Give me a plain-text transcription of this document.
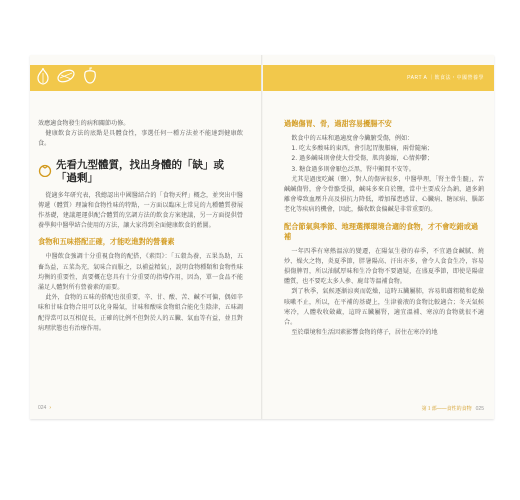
PART A ｜飲食法・中國營養學

效應適食物發生的病和關節功修。

健康飲食方法的底點是具體食性，事選任何一種方法並不能達到健康飲食。

先看九型體質，找出身體的「缺」或「過剩」

從適多年研究表，我總認出中國醫結合的「食物天秤」概念，並突出中醫傳遞（體質）理論和食物性味的特點，一方面以臨床上常見的九種體質發展作基礎，建議運運供配合體質的烹調方法的飲食方案建議，另一方面提供營養學與中醫學結合使用的方法，讓大家得到全面健康飲食的藍圖。

食物和五味搭配正確，才能吃進對的營養素

中醫飲食強調十分重視食物的配搭，《素問》：「五穀為養，五果為助，五畜為益，五菜為充，氣味合而服之，以補益精氣」，說明食物種類和食物性味均衡的重要性，真要概在您具有十分重要的指導作用，因為，單一食品不能滿足人體對所有營養素的需要。

此外，食物的五味的搭配也很重要，辛、甘、酸、苦、鹹不可偏，偶如辛味和甘味食物合用可以化身陽氣，甘味和酸味食物組合能化生陰津，五味調配得當可以互相促長，正確的比例不但對於人的五臟、氣血等有益，並且對病理狀態也有治療作用。

024 ›
過飽傷胃、骨，過甜容易擾腸不安

飲食中的五味和過適度會今臟腑受傷，例如：

1. 吃太多酸味的東西，會引起胃腹脹痛，兩骨隨痛；

2. 過多鹹味則會使大骨受傷，肌肉萎縮，心情抑鬱；

3. 糖食過多則會厭色泛黑，腎中顯間不安等。

尤其是過度吃鹹（鹽），對人的傷害很多，中醫學理，「腎主骨生髓」，苦鹹鹹傷腎，會令骨骼受損，鹹味多來自於鹽，當中主要成分為鈉，過多鈉離會導致血壓升高及損抗力降低，增加罹患感冒、心臟病、糖尿病、腦部老化等疾病的機會，因此，攝收飲食偏鹹是非常重要的。

配合節氣與季節、地理選擇環境合適的食物，才不會吃錯或過補

一年四季有寒熱溫涼的變遷，在陽氣生發的春季，不宜過食鹹膩、燒炒、燥火之物，炎夏季節，胖暑陽高、汗出亦多，會令人食食生冷，容易損傷脾胃，所以油膩厚味和生冷食物不要過疑，在盛夏季節，即使是陽虛體質，也不要吃太多人參、鹿茸等溫補食物。

到了秋季，氣候逐漸涼爽而乾燥，這時五臟屬肺，容易肌膚粗糙和乾燥咳嗽不止，所以，在平補的基礎上，生津養液的食物比較適合；冬天氣候寒冷，人體收收斂藏，這時五臟屬腎，適宜溫補、寒涼的食物就很不適合。

至於環境和生活因素影響食物的傳子，居住在寒冷的地

第１部——食性的食物 025
